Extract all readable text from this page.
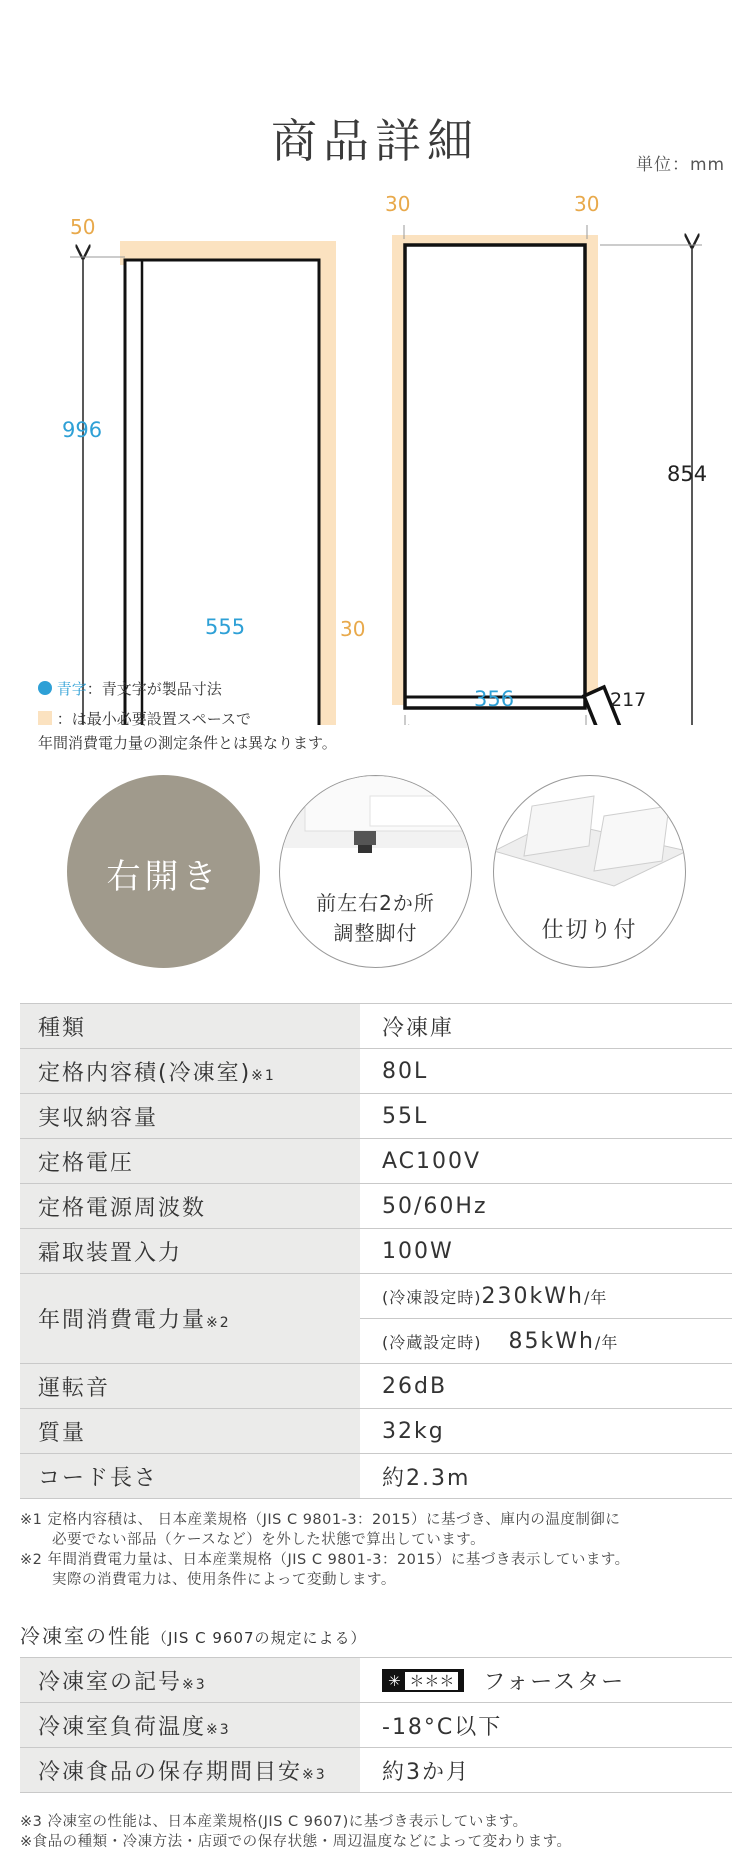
商品詳細	単位：mm
50
996
555	30
30	30
854
356	217
青字：青文字が製品寸法
：は最小必要設置スペースで
年間消費電力量の測定条件とは異なります。
右開き
前左右2か所
調整脚付	仕切り付
種類	冷凍庫
定格内容積(冷凍室)※1	80L
実収納容量	55L
定格電圧	AC100V
定格電源周波数	50/60Hz
霜取装置入力	100W
年間消費電力量※2	(冷凍設定時)230kWh/年
	(冷蔵設定時) 85kWh/年
運転音	26dB
質量	32kg
コード長さ	約2.3m
※1 定格内容積は、 日本産業規格（JIS C 9801-3：2015）に基づき、庫内の温度制御に
必要でない部品（ケースなど）を外した状態で算出しています。
※2 年間消費電力量は、日本産業規格（JIS C 9801-3：2015）に基づき表示しています。
実際の消費電力は、使用条件によって変動します。
冷凍室の性能（JIS C 9607の規定による）
冷凍室の記号※3	✳ ＊＊＊ フォースター
冷凍室負荷温度※3	-18°C以下
冷凍食品の保存期間目安※3	約3か月
※3 冷凍室の性能は、日本産業規格(JIS C 9607)に基づき表示しています。
※食品の種類・冷凍方法・店頭での保存状態・周辺温度などによって変わります。
